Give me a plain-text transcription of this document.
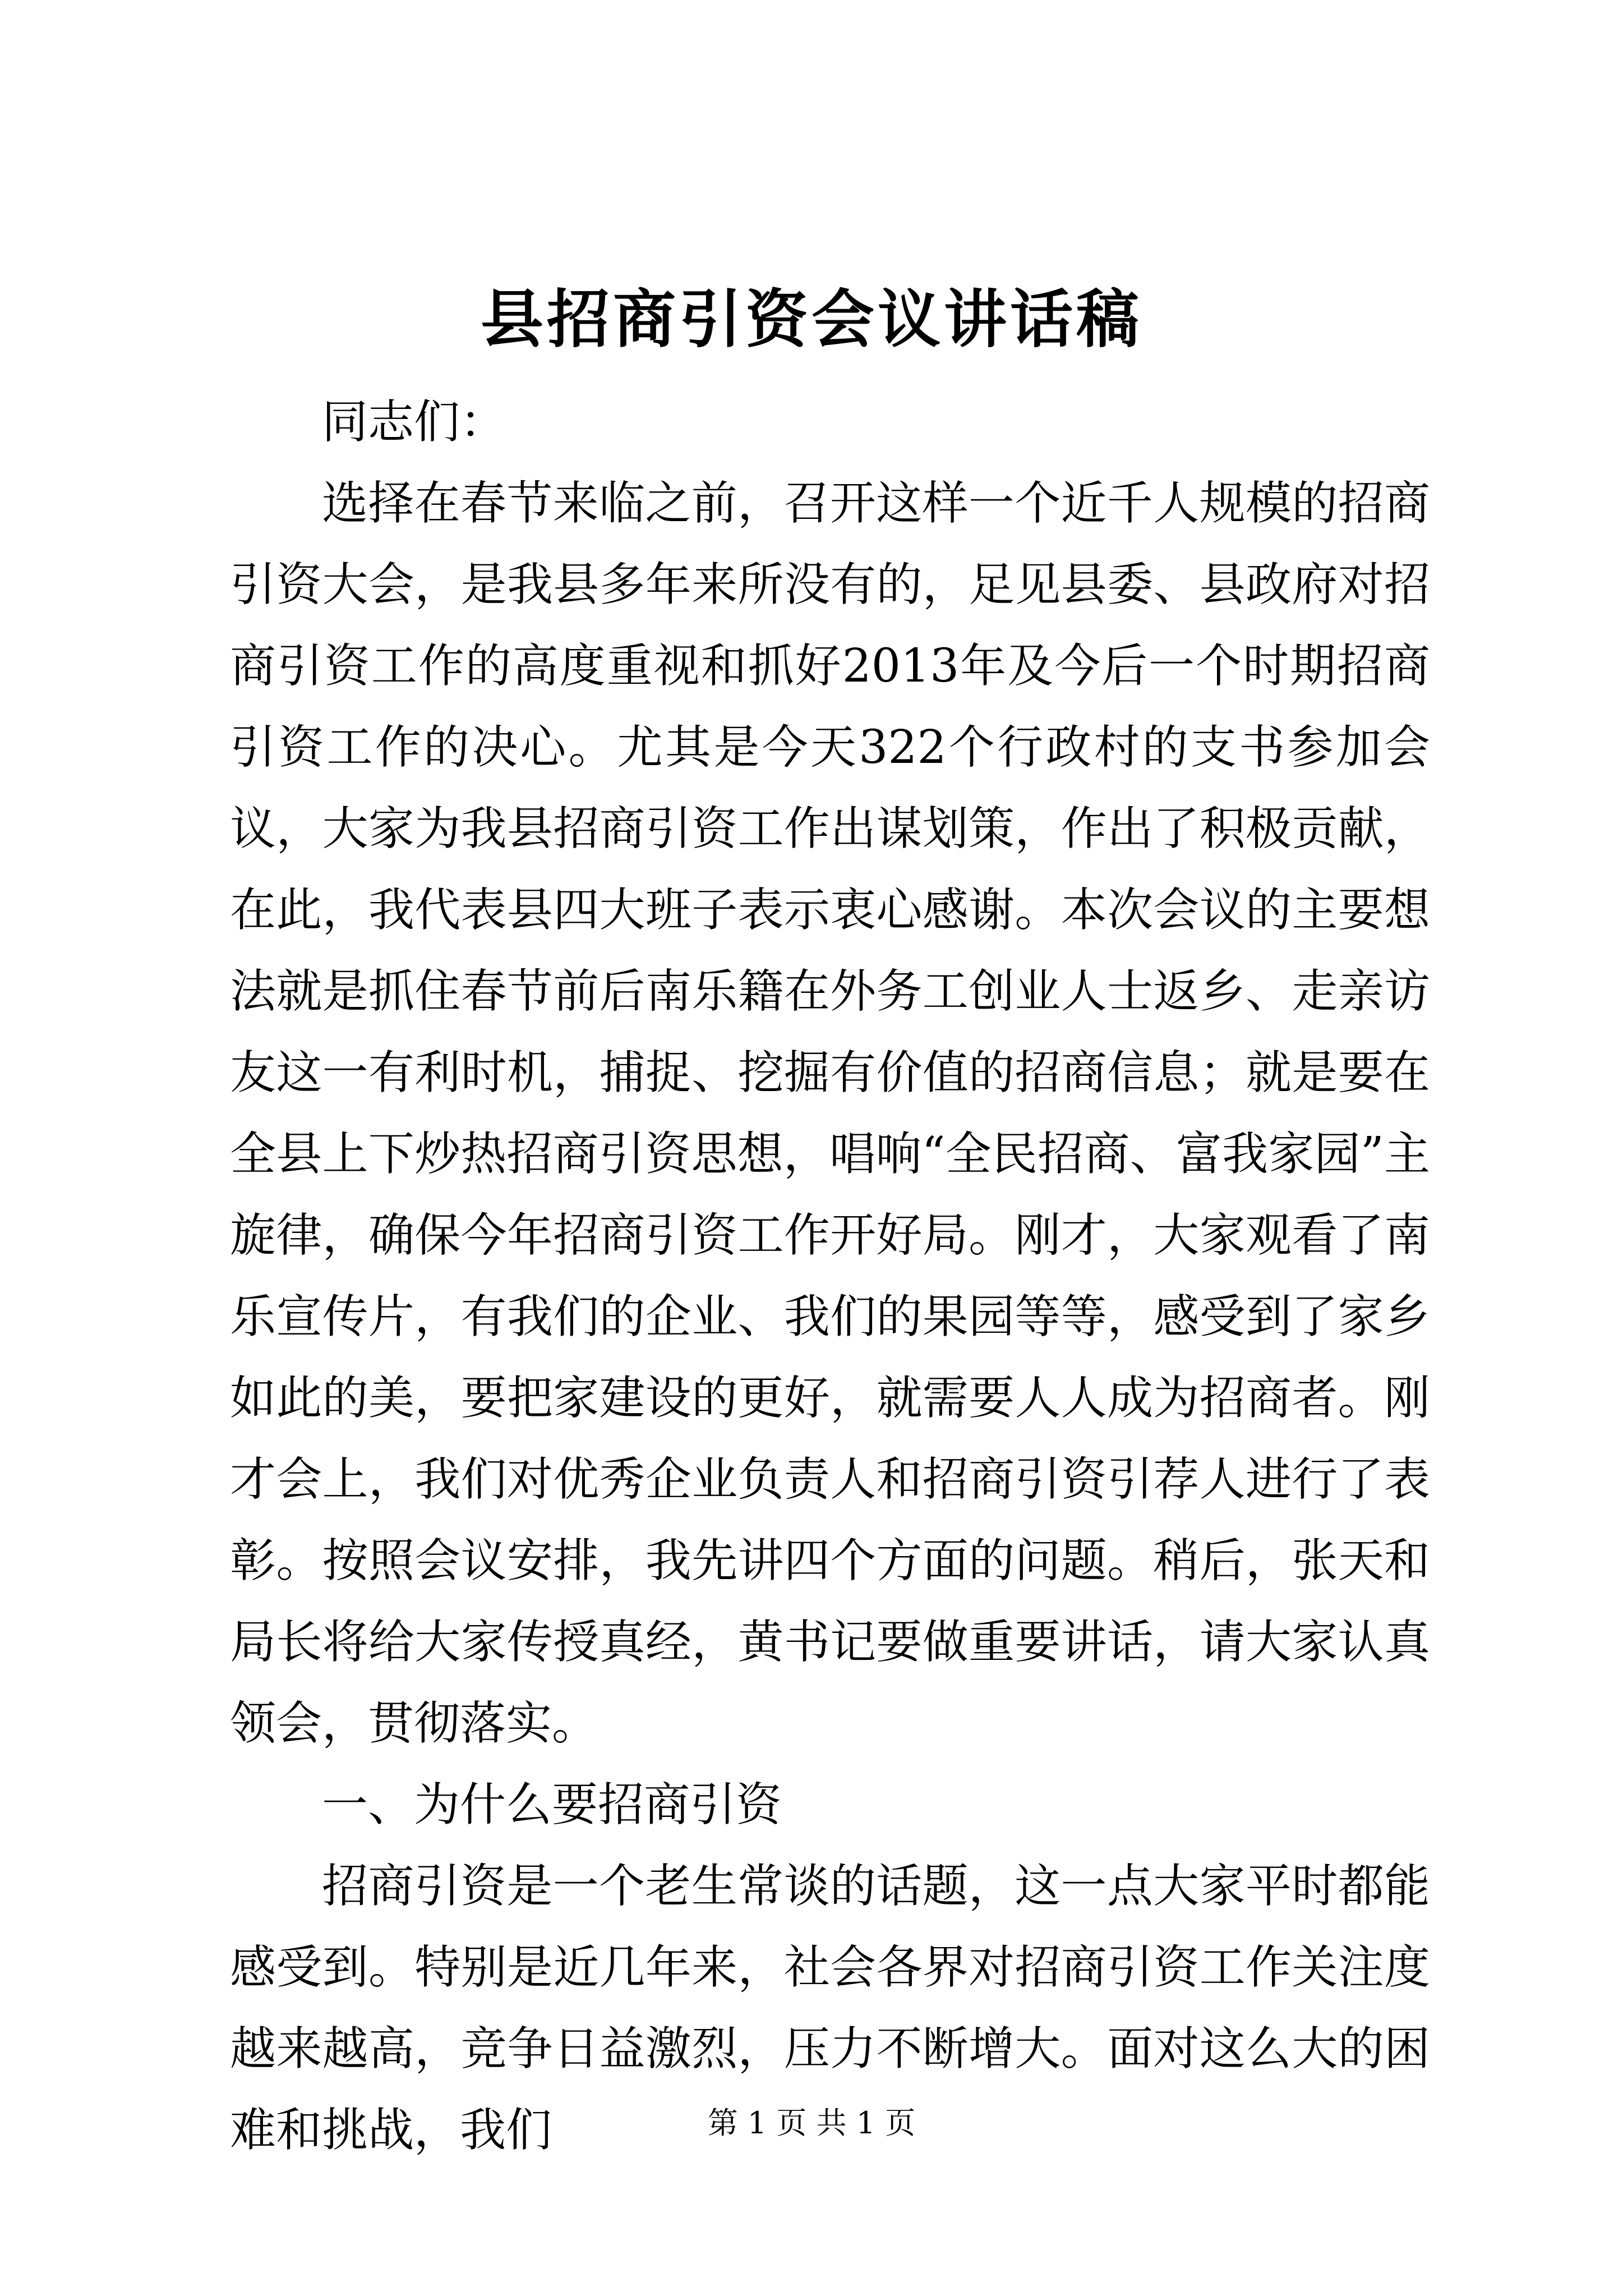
县招商引资会议讲话稿

同志们：

选择在春节来临之前，召开这样一个近千人规模的招商引资大会，是我县多年来所没有的，足见县委、县政府对招商引资工作的高度重视和抓好2013年及今后一个时期招商引资工作的决心。尤其是今天322个行政村的支书参加会议，大家为我县招商引资工作出谋划策，作出了积极贡献，在此，我代表县四大班子表示衷心感谢。本次会议的主要想法就是抓住春节前后南乐籍在外务工创业人士返乡、走亲访友这一有利时机，捕捉、挖掘有价值的招商信息；就是要在全县上下炒热招商引资思想，唱响“全民招商、富我家园”主旋律，确保今年招商引资工作开好局。刚才，大家观看了南乐宣传片，有我们的企业、我们的果园等等，感受到了家乡如此的美，要把家建设的更好，就需要人人成为招商者。刚才会上，我们对优秀企业负责人和招商引资引荐人进行了表彰。按照会议安排，我先讲四个方面的问题。稍后，张天和局长将给大家传授真经，黄书记要做重要讲话，请大家认真领会，贯彻落实。

一、为什么要招商引资

招商引资是一个老生常谈的话题，这一点大家平时都能感受到。特别是近几年来，社会各界对招商引资工作关注度越来越高，竞争日益激烈，压力不断增大。面对这么大的困难和挑战，我们	第 1 页 共 1 页
